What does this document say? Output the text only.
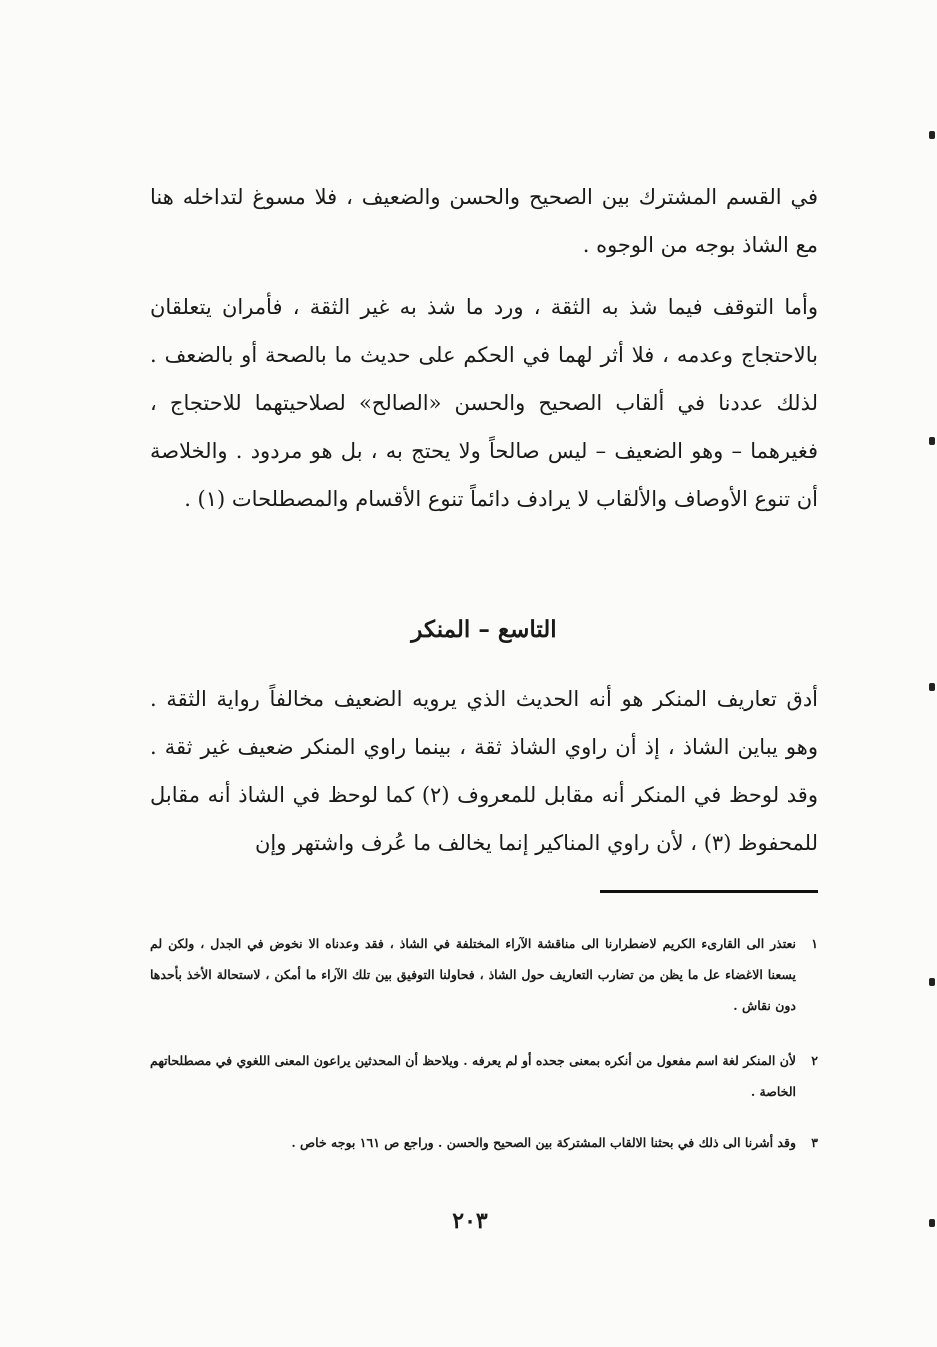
في القسم المشترك بين الصحيح والحسن والضعيف ، فلا مسوغ لتداخله هنا مع الشاذ بوجه من الوجوه .

وأما التوقف فيما شذ به الثقة ، ورد ما شذ به غير الثقة ، فأمران يتعلقان بالاحتجاج وعدمه ، فلا أثر لهما في الحكم على حديث ما بالصحة أو بالضعف . لذلك عددنا في ألقاب الصحيح والحسن «الصالح» لصلاحيتهما للاحتجاج ، فغيرهما – وهو الضعيف – ليس صالحاً ولا يحتج به ، بل هو مردود . والخلاصة أن تنوع الأوصاف والألقاب لا يرادف دائماً تنوع الأقسام والمصطلحات (١) .

التاسع – المنكر

أدق تعاريف المنكر هو أنه الحديث الذي يرويه الضعيف مخالفاً رواية الثقة . وهو يباين الشاذ ، إذ أن راوي الشاذ ثقة ، بينما راوي المنكر ضعيف غير ثقة . وقد لوحظ في المنكر أنه مقابل للمعروف (٢) كما لوحظ في الشاذ أنه مقابل للمحفوظ (٣) ، لأن راوي المناكير إنما يخالف ما عُرف واشتهر وإن

١
نعتذر الى القارىء الكريم لاضطرارنا الى مناقشة الآراء المختلفة في الشاذ ، فقد وعدناه الا نخوض في الجدل ، ولكن لم يسعنا الاغضاء عل ما يظن من تضارب التعاريف حول الشاذ ، فحاولنا التوفيق بين تلك الآراء ما أمكن ، لاستحالة الأخذ بأحدها دون نقاش .
٢
لأن المنكر لغة اسم مفعول من أنكره بمعنى جحده أو لم يعرفه . ويلاحظ أن المحدثين يراعون المعنى اللغوي في مصطلحاتهم الخاصة .
٣
وقد أشرنا الى ذلك في بحثنا الالقاب المشتركة بين الصحيح والحسن . وراجع ص ١٦١ بوجه خاص .

٢٠٣
